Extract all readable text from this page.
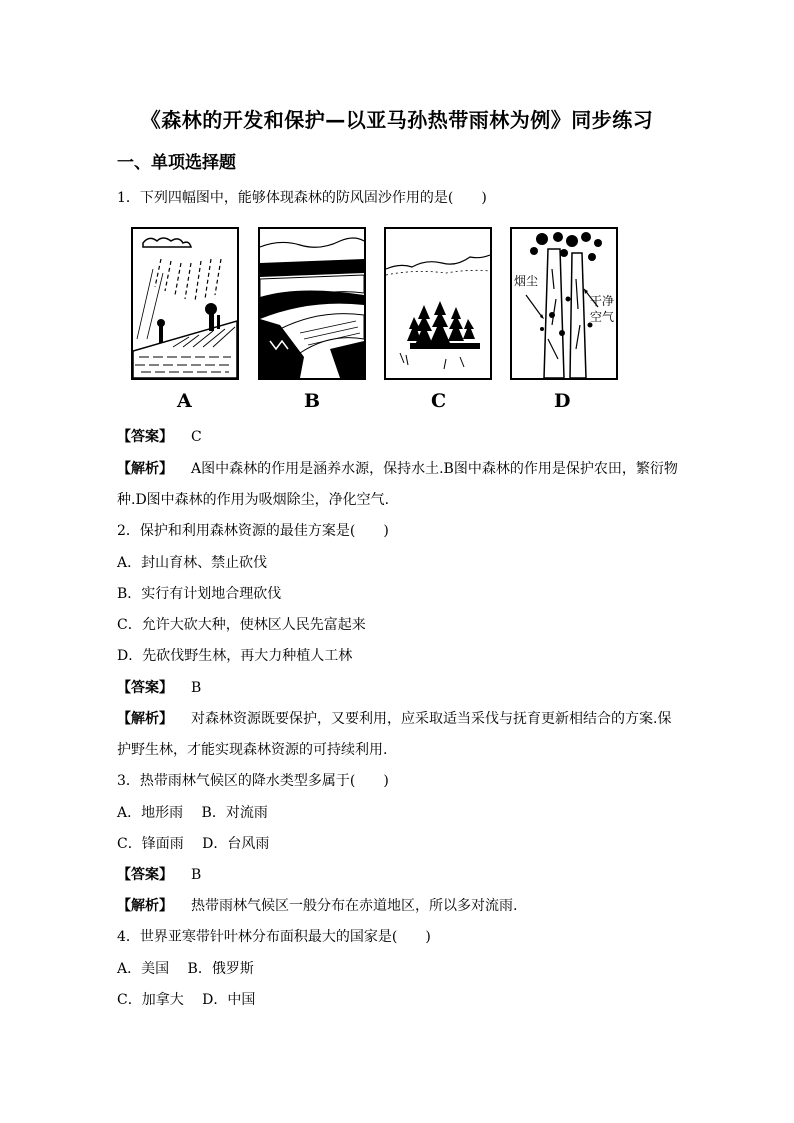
《森林的开发和保护—以亚马孙热带雨林为例》同步练习
一、单项选择题
1．下列四幅图中，能够体现森林的防风固沙作用的是(　　)
A	B	C
烟尘
干净
空气
D
【答案】 C
【解析】 A图中森林的作用是涵养水源，保持水土.B图中森林的作用是保护农田，繁衍物
种.D图中森林的作用为吸烟除尘，净化空气.
2．保护和利用森林资源的最佳方案是(　　)
A．封山育林、禁止砍伐
B．实行有计划地合理砍伐
C．允许大砍大种，使林区人民先富起来
D．先砍伐野生林，再大力种植人工林
【答案】 B
【解析】 对森林资源既要保护，又要利用，应采取适当采伐与抚育更新相结合的方案.保
护野生林，才能实现森林资源的可持续利用.
3．热带雨林气候区的降水类型多属于(　　)
A．地形雨　 B．对流雨
C．锋面雨　 D．台风雨
【答案】 B
【解析】 热带雨林气候区一般分布在赤道地区，所以多对流雨.
4．世界亚寒带针叶林分布面积最大的国家是(　　)
A．美国　 B．俄罗斯
C．加拿大　 D．中国
